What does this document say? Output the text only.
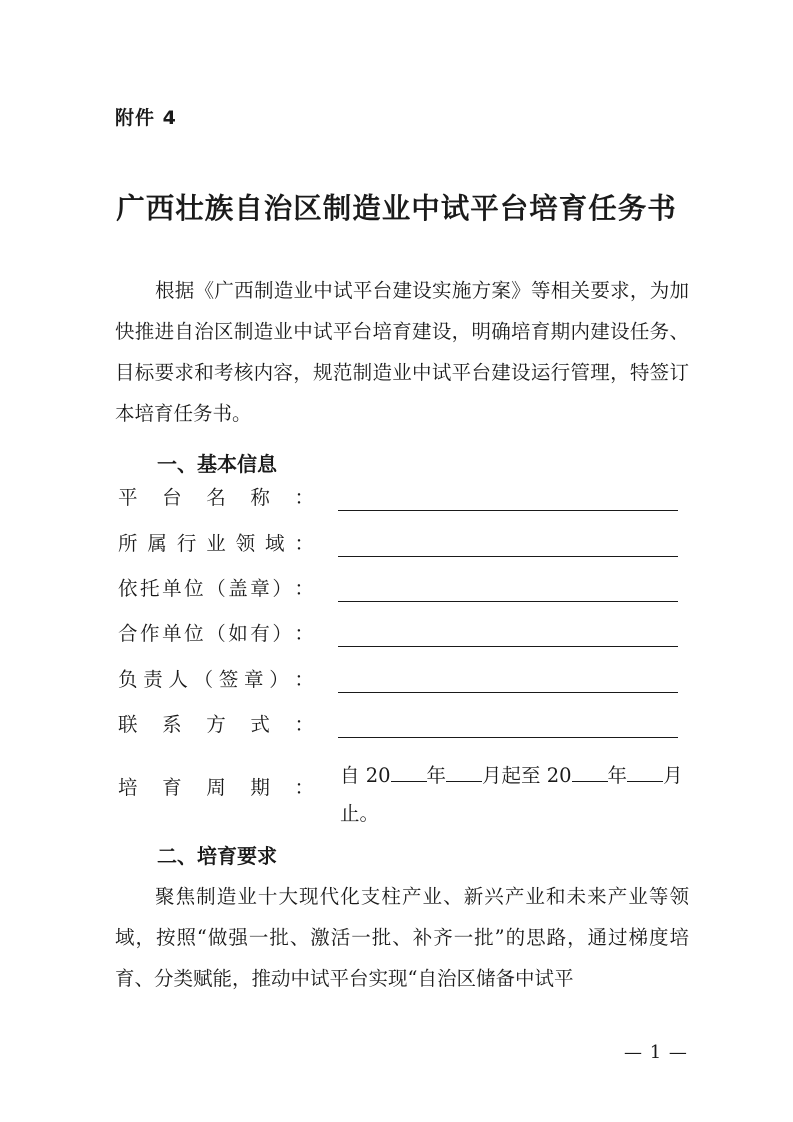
附件 4
广西壮族自治区制造业中试平台培育任务书
根据《广西制造业中试平台建设实施方案》等相关要求，为加快推进自治区制造业中试平台培育建设，明确培育期内建设任务、目标要求和考核内容，规范制造业中试平台建设运行管理，特签订本培育任务书。
一、基本信息
平 台 名 称 ：
所 属 行 业 领 域 ：
依 托 单 位 （ 盖 章 ） ：
合 作 单 位 （ 如 有 ） ：
负 责 人 （ 签 章 ） ：
联 系 方 式 ：
培 育 周 期 ：
自 20 年 月起至 20 年 月
止。
二、培育要求
聚焦制造业十大现代化支柱产业、新兴产业和未来产业等领域，按照“做强一批、激活一批、补齐一批”的思路，通过梯度培育、分类赋能，推动中试平台实现“自治区储备中试平
— 1 —
